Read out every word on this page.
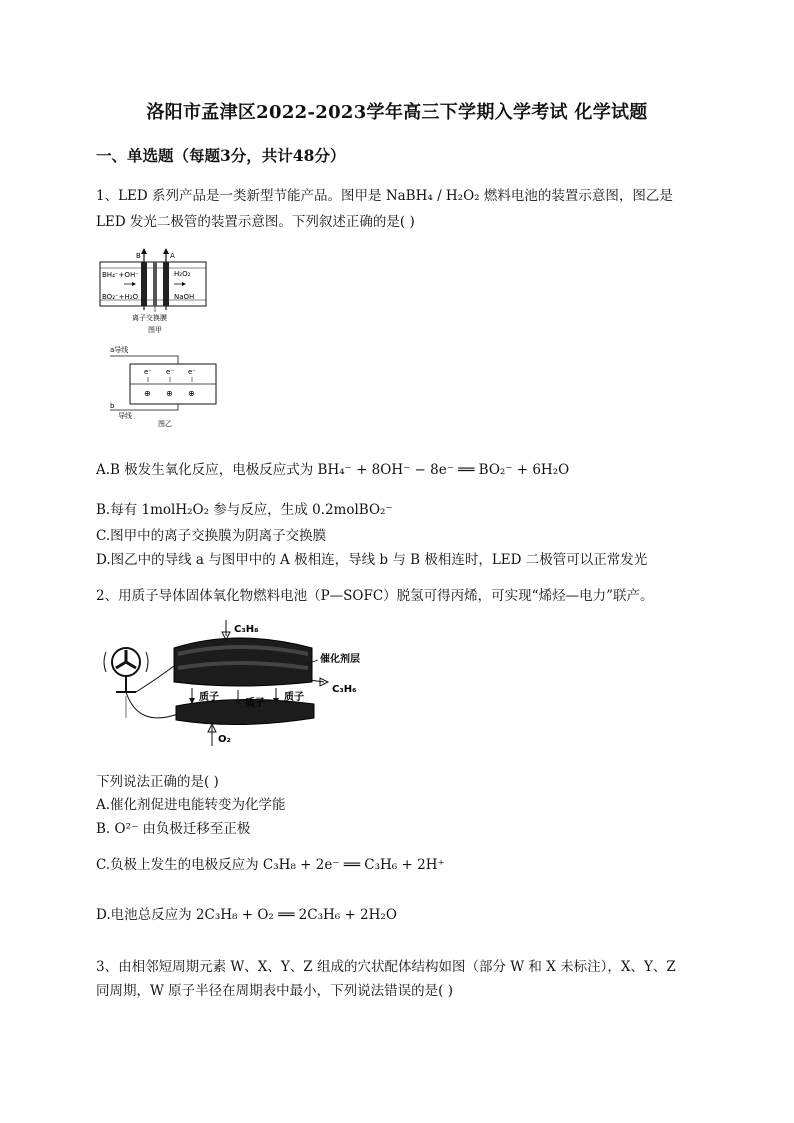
洛阳市孟津区2022-2023学年高三下学期入学考试 化学试题
一、单选题（每题3分，共计48分）
1、LED 系列产品是一类新型节能产品。图甲是 NaBH₄ / H₂O₂ 燃料电池的装置示意图，图乙是
LED 发光二极管的装置示意图。下列叙述正确的是( )
B	A
BH₄⁻+OH⁻
BO₂⁻+H₂O
H₂O₂
NaOH
离子交换膜
图甲
a导线
e⁻ e⁻ e⁻
⊕ ⊕ ⊕
b
导线
图乙
A.B 极发生氧化反应，电极反应式为 BH₄⁻ + 8OH⁻ − 8e⁻ ══ BO₂⁻ + 6H₂O
B.每有 1molH₂O₂ 参与反应，生成 0.2molBO₂⁻
C.图甲中的离子交换膜为阴离子交换膜
D.图乙中的导线 a 与图甲中的 A 极相连，导线 b 与 B 极相连时，LED 二极管可以正常发光
2、用质子导体固体氧化物燃料电池（P—SOFC）脱氢可得丙烯，可实现“烯烃—电力”联产。
C₃H₈
催化剂层
C₃H₆
质子
质子
质子
O₂
下列说法正确的是( )
A.催化剂促进电能转变为化学能
B. O²⁻ 由负极迁移至正极
C.负极上发生的电极反应为 C₃H₈ + 2e⁻ ══ C₃H₆ + 2H⁺
D.电池总反应为 2C₃H₈ + O₂ ══ 2C₃H₆ + 2H₂O
3、由相邻短周期元素 W、X、Y、Z 组成的穴状配体结构如图（部分 W 和 X 未标注），X、Y、Z
同周期，W 原子半径在周期表中最小，下列说法错误的是( )
